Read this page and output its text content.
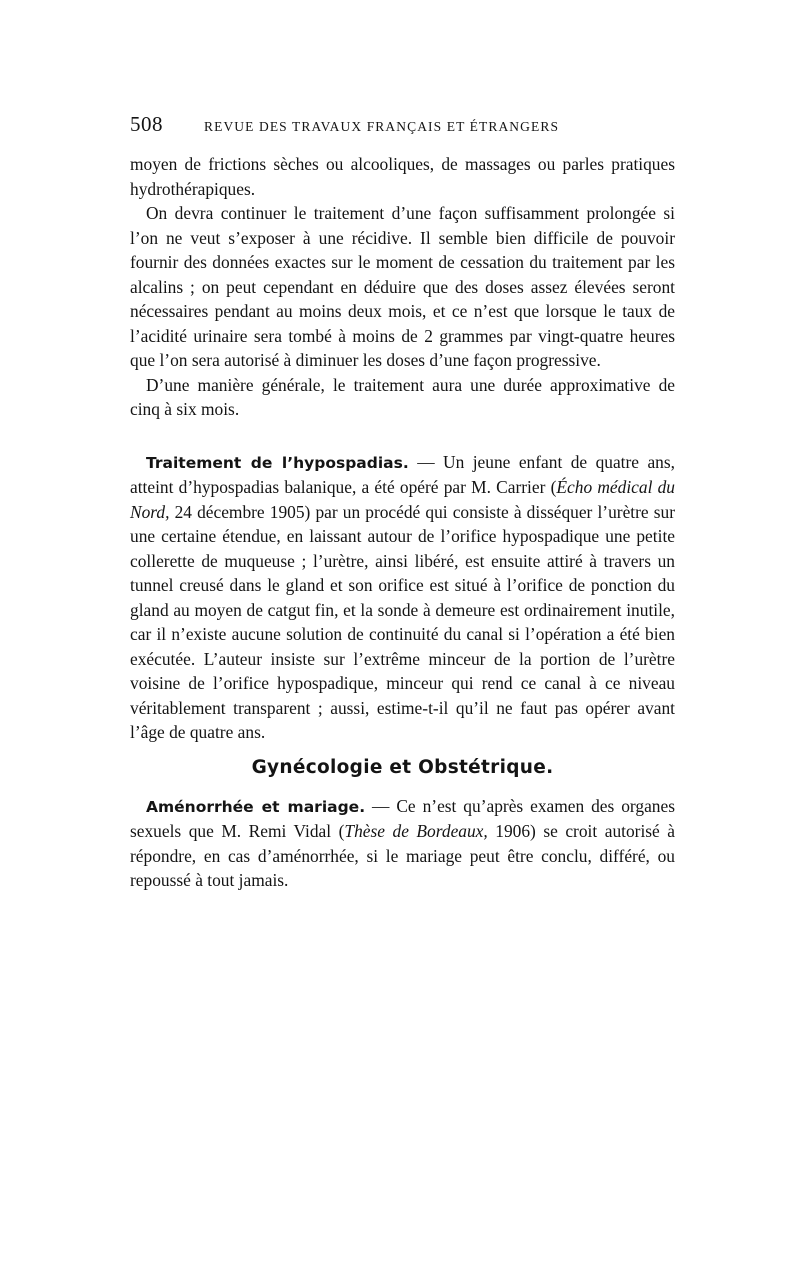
508	REVUE DES TRAVAUX FRANÇAIS ET ÉTRANGERS

moyen de frictions sèches ou alcooliques, de massages ou parles pratiques hydrothérapiques.

On devra continuer le traitement d’une façon suffisamment prolongée si l’on ne veut s’exposer à une récidive. Il semble bien difficile de pouvoir fournir des données exactes sur le moment de cessation du traitement par les alcalins ; on peut cependant en déduire que des doses assez élevées seront nécessaires pendant au moins deux mois, et ce n’est que lorsque le taux de l’acidité urinaire sera tombé à moins de 2 grammes par vingt-quatre heures que l’on sera autorisé à diminuer les doses d’une façon progressive.

D’une manière générale, le traitement aura une durée approximative de cinq à six mois.

Traitement de l’hypospadias. — Un jeune enfant de quatre ans, atteint d’hypospadias balanique, a été opéré par M. Carrier (Écho médical du Nord, 24 décembre 1905) par un procédé qui consiste à disséquer l’urètre sur une certaine étendue, en laissant autour de l’orifice hypospadique une petite collerette de muqueuse ; l’urètre, ainsi libéré, est ensuite attiré à travers un tunnel creusé dans le gland et son orifice est situé à l’orifice de ponction du gland au moyen de catgut fin, et la sonde à demeure est ordinairement inutile, car il n’existe aucune solution de continuité du canal si l’opération a été bien exécutée. L’auteur insiste sur l’extrême minceur de la portion de l’urètre voisine de l’orifice hypospadique, minceur qui rend ce canal à ce niveau véritablement transparent ; aussi, estime-t-il qu’il ne faut pas opérer avant l’âge de quatre ans.

Gynécologie et Obstétrique.

Aménorrhée et mariage. — Ce n’est qu’après examen des organes sexuels que M. Remi Vidal (Thèse de Bordeaux, 1906) se croit autorisé à répondre, en cas d’aménorrhée, si le mariage peut être conclu, différé, ou repoussé à tout jamais.
